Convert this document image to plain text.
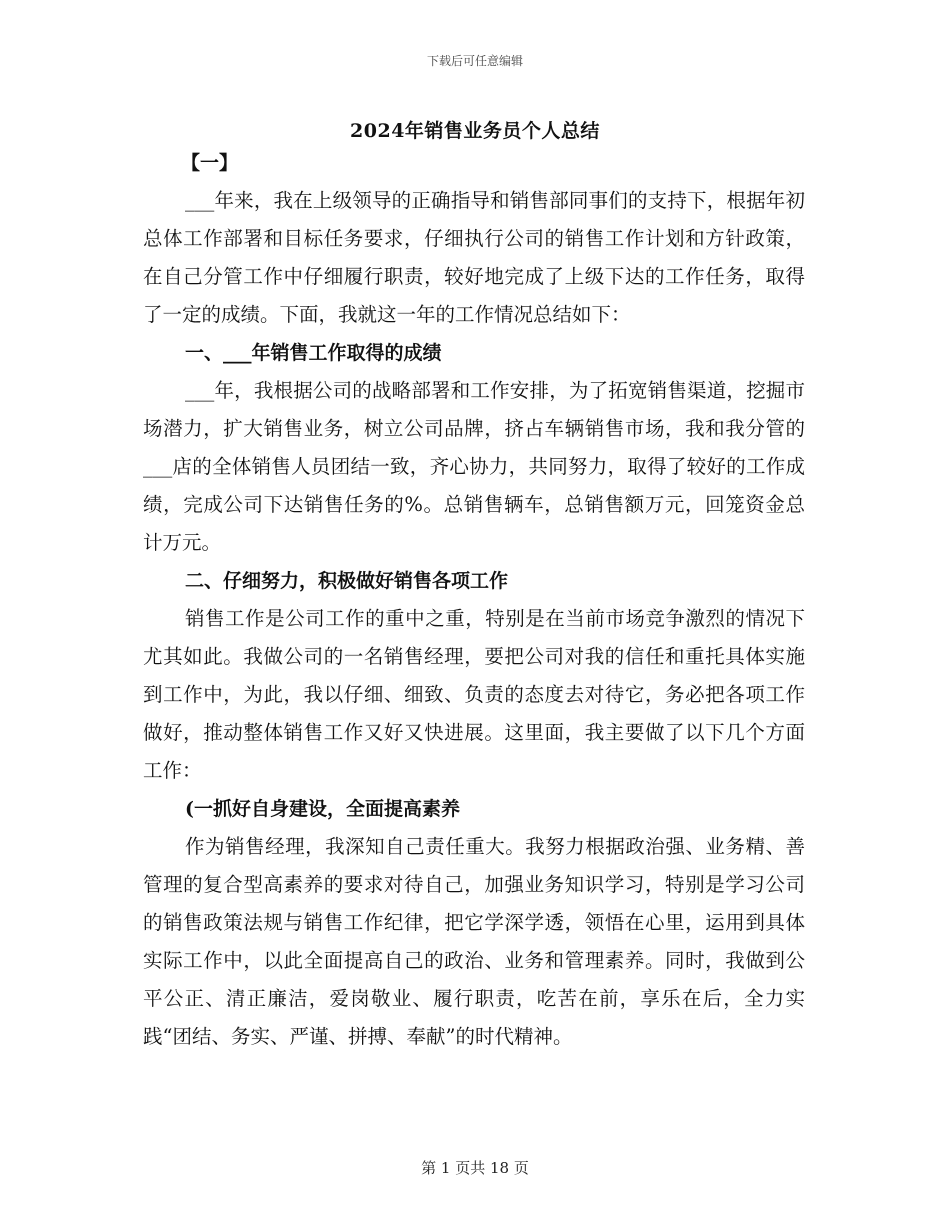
下载后可任意编辑
2024年销售业务员个人总结
【一】

___年来，我在上级领导的正确指导和销售部同事们的支持下，根据年初总体工作部署和目标任务要求，仔细执行公司的销售工作计划和方针政策，在自己分管工作中仔细履行职责，较好地完成了上级下达的工作任务，取得了一定的成绩。下面，我就这一年的工作情况总结如下：

一、___年销售工作取得的成绩

___年，我根据公司的战略部署和工作安排，为了拓宽销售渠道，挖掘市场潜力，扩大销售业务，树立公司品牌，挤占车辆销售市场，我和我分管的___店的全体销售人员团结一致，齐心协力，共同努力，取得了较好的工作成绩，完成公司下达销售任务的%。总销售辆车，总销售额万元，回笼资金总计万元。

二、仔细努力，积极做好销售各项工作

销售工作是公司工作的重中之重，特别是在当前市场竞争激烈的情况下尤其如此。我做公司的一名销售经理，要把公司对我的信任和重托具体实施到工作中，为此，我以仔细、细致、负责的态度去对待它，务必把各项工作做好，推动整体销售工作又好又快进展。这里面，我主要做了以下几个方面工作：

(一抓好自身建设，全面提高素养

作为销售经理，我深知自己责任重大。我努力根据政治强、业务精、善管理的复合型高素养的要求对待自己，加强业务知识学习，特别是学习公司的销售政策法规与销售工作纪律，把它学深学透，领悟在心里，运用到具体实际工作中，以此全面提高自己的政治、业务和管理素养。同时，我做到公平公正、清正廉洁，爱岗敬业、履行职责，吃苦在前，享乐在后，全力实践“团结、务实、严谨、拼搏、奉献”的时代精神。

第 1 页共 18 页
